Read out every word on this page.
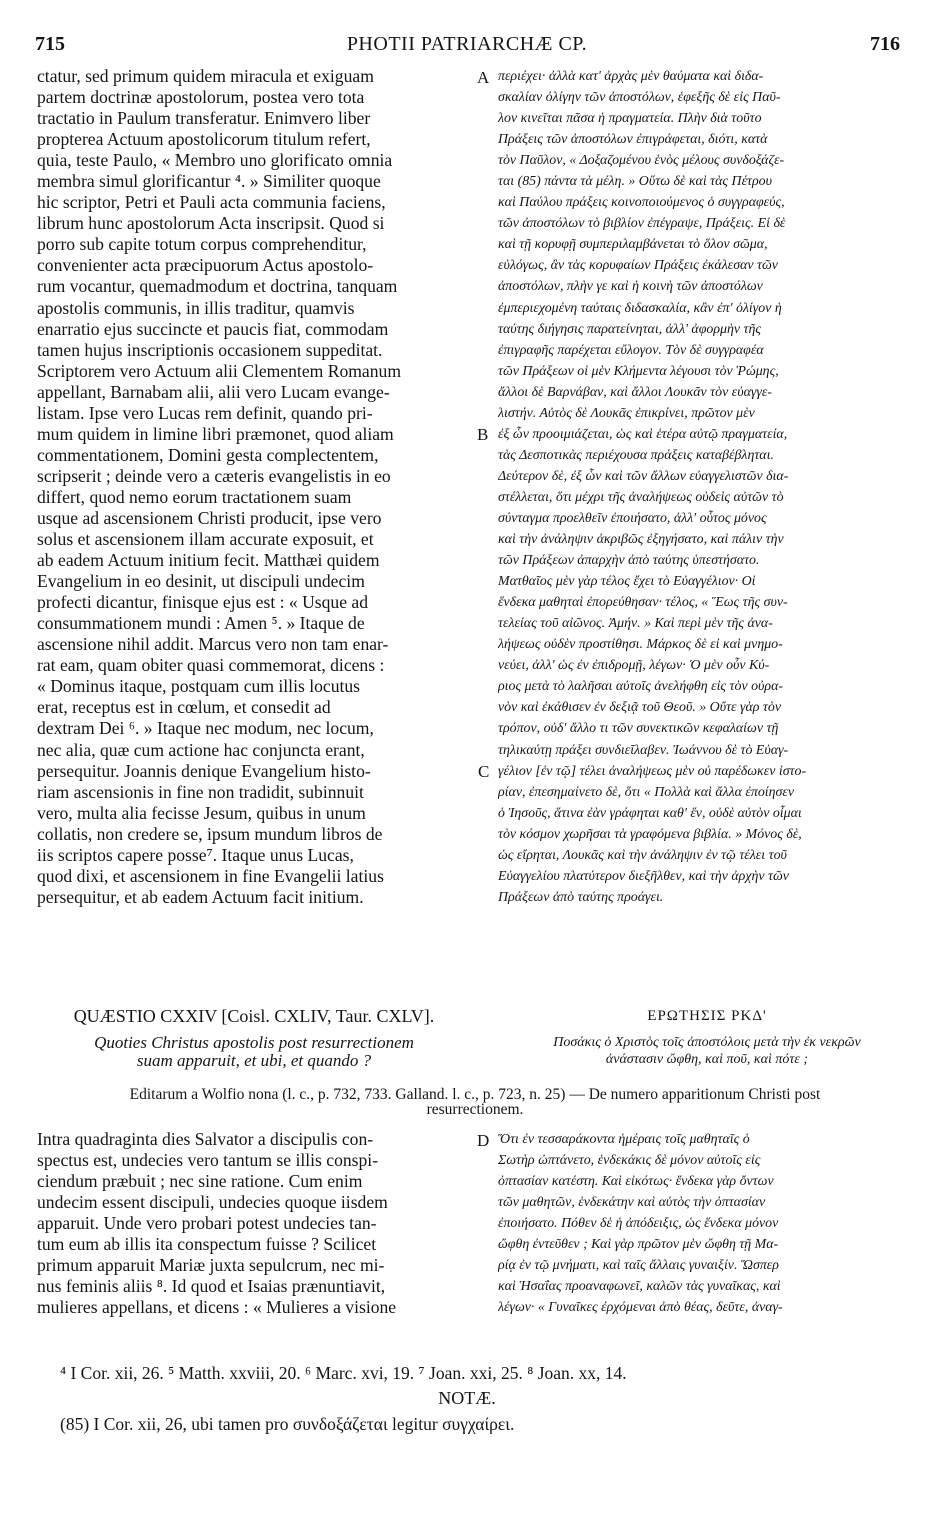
715	PHOTII PATRIARCHÆ CP.	716
ctatur, sed primum quidem miracula et exiguam
partem doctrinæ apostolorum, postea vero tota
tractatio in Paulum transferatur. Enimvero liber
propterea Actuum apostolicorum titulum refert,
quia, teste Paulo, « Membro uno glorificato omnia
membra simul glorificantur ⁴. » Similiter quoque
hic scriptor, Petri et Pauli acta communia faciens,
librum hunc apostolorum Acta inscripsit. Quod si
porro sub capite totum corpus comprehenditur,
convenienter acta præcipuorum Actus apostolo-
rum vocantur, quemadmodum et doctrina, tanquam
apostolis communis, in illis traditur, quamvis
enarratio ejus succincte et paucis fiat, commodam
tamen hujus inscriptionis occasionem suppeditat.
Scriptorem vero Actuum alii Clementem Romanum
appellant, Barnabam alii, alii vero Lucam evange-
listam. Ipse vero Lucas rem definit, quando pri-
mum quidem in limine libri præmonet, quod aliam
commentationem, Domini gesta complectentem,
scripserit ; deinde vero a cæteris evangelistis in eo
differt, quod nemo eorum tractationem suam
usque ad ascensionem Christi producit, ipse vero
solus et ascensionem illam accurate exposuit, et
ab eadem Actuum initium fecit. Matthæi quidem
Evangelium in eo desinit, ut discipuli undecim
profecti dicantur, finisque ejus est : « Usque ad
consummationem mundi : Amen ⁵. » Itaque de
ascensione nihil addit. Marcus vero non tam enar-
rat eam, quam obiter quasi commemorat, dicens :
« Dominus itaque, postquam cum illis locutus
erat, receptus est in cœlum, et consedit ad
dextram Dei ⁶. » Itaque nec modum, nec locum,
nec alia, quæ cum actione hac conjuncta erant,
persequitur. Joannis denique Evangelium histo-
riam ascensionis in fine non tradidit, subinnuit
vero, multa alia fecisse Jesum, quibus in unum
collatis, non credere se, ipsum mundum libros de
iis scriptos capere posse⁷. Itaque unus Lucas,
quod dixi, et ascensionem in fine Evangelii latius
persequitur, et ab eadem Actuum facit initium.
περιέχει· ἀλλὰ κατ' ἀρχὰς μὲν θαύματα καὶ διδα-
σκαλίαν ὀλίγην τῶν ἀποστόλων, ἑφεξῆς δὲ εἰς Παῦ-
λον κινεῖται πᾶσα ἡ πραγματεία. Πλὴν διὰ τοῦτο
Πράξεις τῶν ἀποστόλων ἐπιγράφεται, διότι, κατὰ
τὸν Παῦλον, « Δοξαζομένου ἑνὸς μέλους συνδοξάζε-
ται (85) πάντα τὰ μέλη. » Οὕτω δὲ καὶ τὰς Πέτρου
καὶ Παύλου πράξεις κοινοποιούμενος ὁ συγγραφεύς,
τῶν ἀποστόλων τὸ βιβλίον ἐπέγραψε, Πράξεις. Εἰ δὲ
καὶ τῇ κορυφῇ συμπεριλαμβάνεται τὸ ὅλον σῶμα,
εὐλόγως, ἂν τὰς κορυφαίων Πράξεις ἐκάλεσαν τῶν
ἀποστόλων, πλὴν γε καὶ ἡ κοινὴ τῶν ἀποστόλων
ἐμπεριεχομένη ταύταις διδασκαλία, κἂν ἐπ' ὀλίγον ἡ
ταύτης διήγησις παρατείνηται, ἀλλ' ἀφορμὴν τῆς
ἐπιγραφῆς παρέχεται εὔλογον. Τὸν δὲ συγγραφέα
τῶν Πράξεων οἱ μὲν Κλήμεντα λέγουσι τὸν Ῥώμης,
ἄλλοι δὲ Βαρνάβαν, καὶ ἄλλοι Λουκᾶν τὸν εὐαγγε-
λιστήν. Αὐτὸς δὲ Λουκᾶς ἐπικρίνει, πρῶτον μὲν
ἐξ ὧν προοιμιάζεται, ὡς καὶ ἑτέρα αὐτῷ πραγματεία,
τὰς Δεσποτικὰς περιέχουσα πράξεις καταβέβληται.
Δεύτερον δὲ, ἐξ ὧν καὶ τῶν ἄλλων εὐαγγελιστῶν δια-
στέλλεται, ὅτι μέχρι τῆς ἀναλήψεως οὐδεὶς αὐτῶν τὸ
σύνταγμα προελθεῖν ἐποιήσατο, ἀλλ' οὗτος μόνος
καὶ τὴν ἀνάληψιν ἀκριβῶς ἐξηγήσατο, καὶ πάλιν τὴν
τῶν Πράξεων ἀπαρχὴν ἀπὸ ταύτης ὑπεστήσατο.
Ματθαῖος μὲν γὰρ τέλος ἔχει τὸ Εὐαγγέλιον· Οἱ
ἕνδεκα μαθηταὶ ἐπορεύθησαν· τέλος, « Ἕως τῆς συν-
τελείας τοῦ αἰῶνος. Ἀμήν. » Καὶ περὶ μὲν τῆς ἀνα-
λήψεως οὐδὲν προστίθησι. Μάρκος δὲ εἰ καὶ μνημο-
νεύει, ἀλλ' ὡς ἐν ἐπιδρομῇ, λέγων· Ὁ μὲν οὖν Κύ-
ριος μετὰ τὸ λαλῆσαι αὐτοῖς ἀνελήφθη εἰς τὸν οὐρα-
νὸν καὶ ἐκάθισεν ἐν δεξιᾷ τοῦ Θεοῦ. » Οὔτε γὰρ τὸν
τρόπον, οὐδ' ἄλλο τι τῶν συνεκτικῶν κεφαλαίων τῇ
τηλικαύτῃ πράξει συνδιεῖλαβεν. Ἰωάννου δὲ τὸ Εὐαγ-
γέλιον [ἐν τῷ] τέλει ἀναλήψεως μὲν οὐ παρέδωκεν ἱστο-
ρίαν, ἐπεσημαίνετο δὲ, ὅτι « Πολλὰ καὶ ἄλλα ἐποίησεν
ὁ Ἰησοῦς, ἅτινα ἐὰν γράφηται καθ' ἕν, οὐδὲ αὐτὸν οἶμαι
τὸν κόσμον χωρῆσαι τὰ γραφόμενα βιβλία. » Μόνος δὲ,
ὡς εἴρηται, Λουκᾶς καὶ τὴν ἀνάληψιν ἐν τῷ τέλει τοῦ
Εὐαγγελίου πλατύτερον διεξῆλθεν, καὶ τὴν ἀρχὴν τῶν
Πράξεων ἀπὸ ταύτης προάγει.
A
B
C
D
QUÆSTIO CXXIV [Coisl. CXLIV, Taur. CXLV].
Quoties Christus apostolis post resurrectionem
suam apparuit, et ubi, et quando ?
ΕΡΩΤΗΣΙΣ ΡΚΔ'
Ποσάκις ὁ Χριστὸς τοῖς ἀποστόλοις μετὰ τὴν ἐκ νεκρῶν
ἀνάστασιν ὤφθη, καὶ ποῦ, καὶ πότε ;
Editarum a Wolfio nona (l. c., p. 732, 733. Galland. l. c., p. 723, n. 25) — De numero apparitionum Christi post
resurrectionem.
Intra quadraginta dies Salvator a discipulis con-
spectus est, undecies vero tantum se illis conspi-
ciendum præbuit ; nec sine ratione. Cum enim
undecim essent discipuli, undecies quoque iisdem
apparuit. Unde vero probari potest undecies tan-
tum eum ab illis ita conspectum fuisse ? Scilicet
primum apparuit Mariæ juxta sepulcrum, nec mi-
nus feminis aliis ⁸. Id quod et Isaias prænuntiavit,
mulieres appellans, et dicens : « Mulieres a visione
Ὅτι ἐν τεσσαράκοντα ἡμέραις τοῖς μαθηταῖς ὁ
Σωτὴρ ὠπτάνετο, ἑνδεκάκις δὲ μόνον αὐτοῖς εἰς
ὀπτασίαν κατέστη. Καὶ εἰκότως· ἕνδεκα γὰρ ὄντων
τῶν μαθητῶν, ἑνδεκάτην καὶ αὐτὸς τὴν ὀπτασίαν
ἐποιήσατο. Πόθεν δὲ ἡ ἀπόδειξις, ὡς ἕνδεκα μόνον
ὤφθη ἐντεῦθεν ; Καὶ γὰρ πρῶτον μὲν ὤφθη τῇ Μα-
ρίᾳ ἐν τῷ μνήματι, καὶ ταῖς ἄλλαις γυναιξίν. Ὥσπερ
καὶ Ἡσαΐας προαναφωνεῖ, καλῶν τὰς γυναῖκας, καὶ
λέγων· « Γυναῖκες ἐρχόμεναι ἀπὸ θέας, δεῦτε, ἀναγ-
⁴ I Cor. xii, 26. ⁵ Matth. xxviii, 20. ⁶ Marc. xvi, 19. ⁷ Joan. xxi, 25. ⁸ Joan. xx, 14.
NOTÆ.
(85) I Cor. xii, 26, ubi tamen pro συνδοξάζεται legitur συγχαίρει.
